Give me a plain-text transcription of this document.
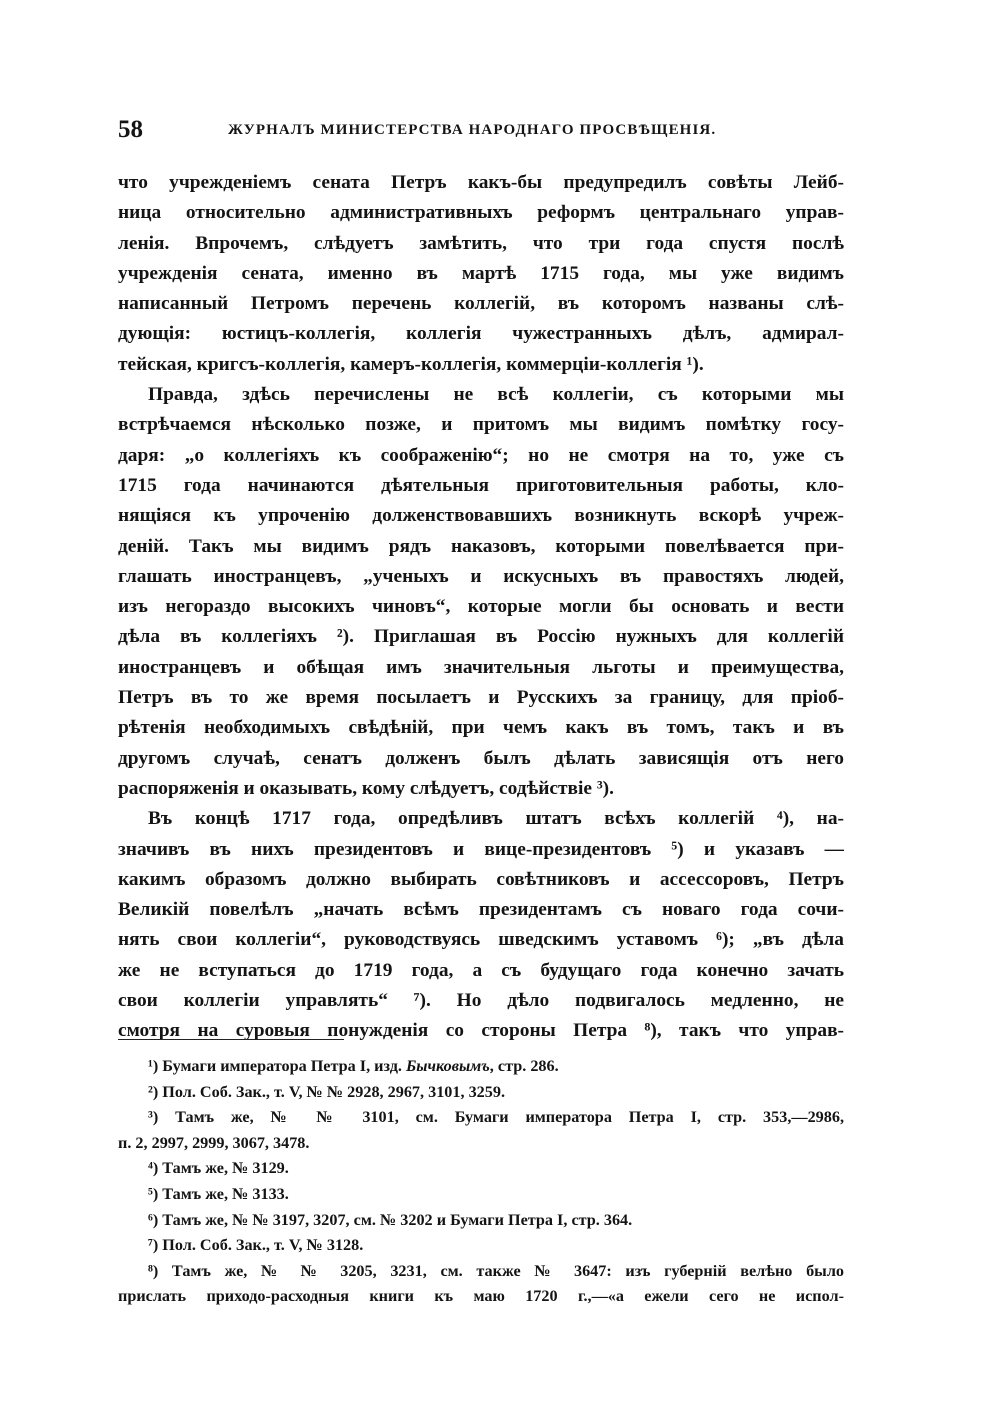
58	ЖУРНАЛЪ МИНИСТЕРСТВА НАРОДНАГО ПРОСВѢЩЕНІЯ.
что учрежденіемъ сената Петръ какъ-бы предупредилъ совѣты Лейб-
ница относительно административныхъ реформъ центральнаго управ-
ленія. Впрочемъ, слѣдуетъ замѣтить, что три года спустя послѣ
учрежденія сената, именно въ мартѣ 1715 года, мы уже видимъ
написанный Петромъ перечень коллегій, въ которомъ названы слѣ-
дующія: юстицъ-коллегія, коллегія чужестранныхъ дѣлъ, адмирал-
тейская, кригсъ-коллегія, камеръ-коллегія, коммерціи-коллегія ¹).
Правда, здѣсь перечислены не всѣ коллегіи, съ которыми мы
встрѣчаемся нѣсколько позже, и притомъ мы видимъ помѣтку госу-
даря: „о коллегіяхъ къ соображенію“; но не смотря на то, уже съ
1715 года начинаются дѣятельныя приготовительныя работы, кло-
нящіяся къ упроченію долженствовавшихъ возникнуть вскорѣ учреж-
деній. Такъ мы видимъ рядъ наказовъ, которыми повелѣвается при-
глашать иностранцевъ, „ученыхъ и искусныхъ въ правостяхъ людей,
изъ негораздо высокихъ чиновъ“, которые могли бы основать и вести
дѣла въ коллегіяхъ ²). Приглашая въ Россію нужныхъ для коллегій
иностранцевъ и обѣщая имъ значительныя льготы и преимущества,
Петръ въ то же время посылаетъ и Русскихъ за границу, для пріоб-
рѣтенія необходимыхъ свѣдѣній, при чемъ какъ въ томъ, такъ и въ
другомъ случаѣ, сенатъ долженъ былъ дѣлать зависящія отъ него
распоряженія и оказывать, кому слѣдуетъ, содѣйствіе ³).
Въ концѣ 1717 года, опредѣливъ штатъ всѣхъ коллегій ⁴), на-
значивъ въ нихъ президентовъ и вице-президентовъ ⁵) и указавъ —
какимъ образомъ должно выбирать совѣтниковъ и ассессоровъ, Петръ
Великій повелѣлъ „начать всѣмъ президентамъ съ новаго года сочи-
нять свои коллегіи“, руководствуясь шведскимъ уставомъ ⁶); „въ дѣла
же не вступаться до 1719 года, а съ будущаго года конечно зачать
свои коллегіи управлять“ ⁷). Но дѣло подвигалось медленно, не
смотря на суровыя понужденія со стороны Петра ⁸), такъ что управ-
¹) Бумаги императора Петра I, изд. Бычковымъ, стр. 286.
²) Пол. Соб. Зак., т. V, № № 2928, 2967, 3101, 3259.
³) Тамъ же, № № 3101, см. Бумаги императора Петра I, стр. 353,—2986,
п. 2, 2997, 2999, 3067, 3478.
⁴) Тамъ же, № 3129.
⁵) Тамъ же, № 3133.
⁶) Тамъ же, № № 3197, 3207, см. № 3202 и Бумаги Петра I, стр. 364.
⁷) Пол. Соб. Зак., т. V, № 3128.
⁸) Тамъ же, № № 3205, 3231, см. также № 3647: изъ губерній велѣно было
прислать приходо-расходныя книги къ маю 1720 г.,—«а ежели сего не испол-
